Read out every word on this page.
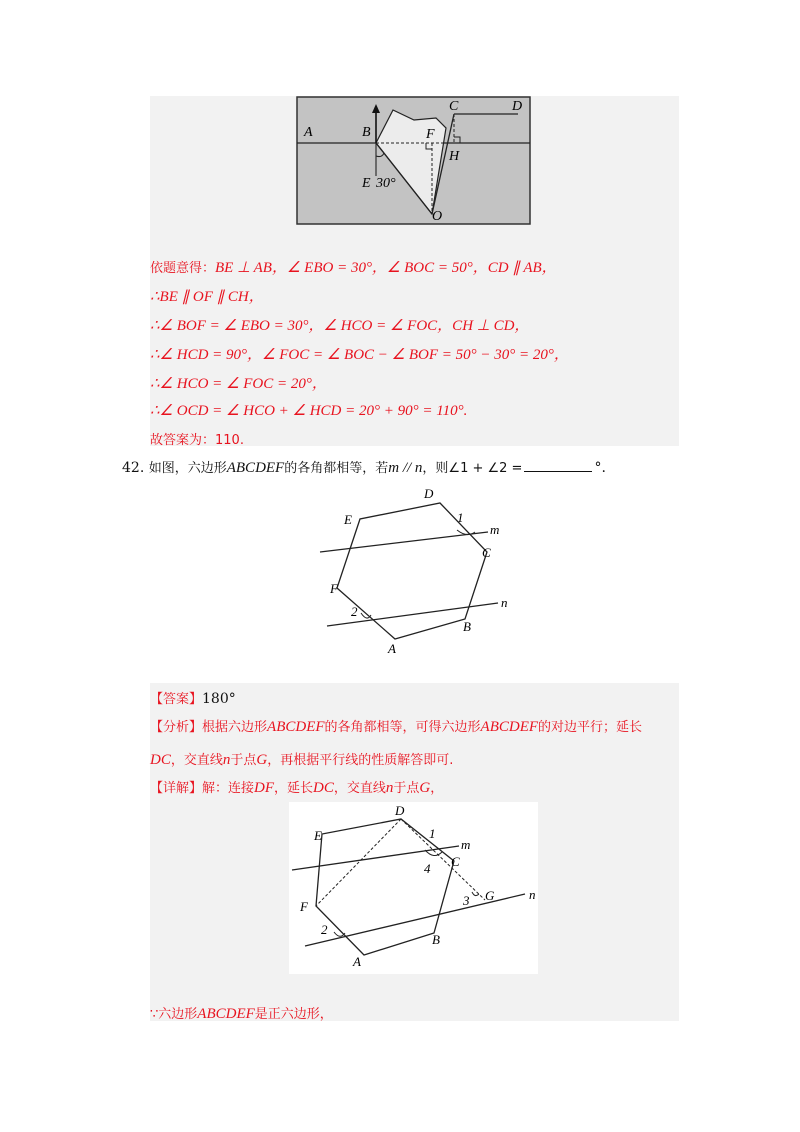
A	B
C	D
E
F
H
O
30°
依题意得：BE ⊥ AB，∠ EBO = 30°，∠ BOC = 50°，CD ∥ AB，
∴BE ∥ OF ∥ CH，
∴∠ BOF = ∠ EBO = 30°，∠ HCO = ∠ FOC，CH ⊥ CD，
∴∠ HCD = 90°，∠ FOC = ∠ BOC − ∠ BOF = 50° − 30° = 20°，
∴∠ HCO = ∠ FOC = 20°，
∴∠ OCD = ∠ HCO + ∠ HCD = 20° + 90° = 110°.
故答案为：110.
42. 如图，六边形ABCDEF的各角都相等，若m // n，则∠1 + ∠2 =	°.
A
B
C
D
E
F
m
n
1
2
【答案】180°
【分析】根据六边形ABCDEF的各角都相等，可得六边形ABCDEF的对边平行；延长
DC，交直线n于点G，再根据平行线的性质解答即可.
【详解】解：连接DF，延长DC，交直线n于点G，
A
B
C
D
E
F
G
m
n
1
2
3
4
∵六边形ABCDEF是正六边形，
